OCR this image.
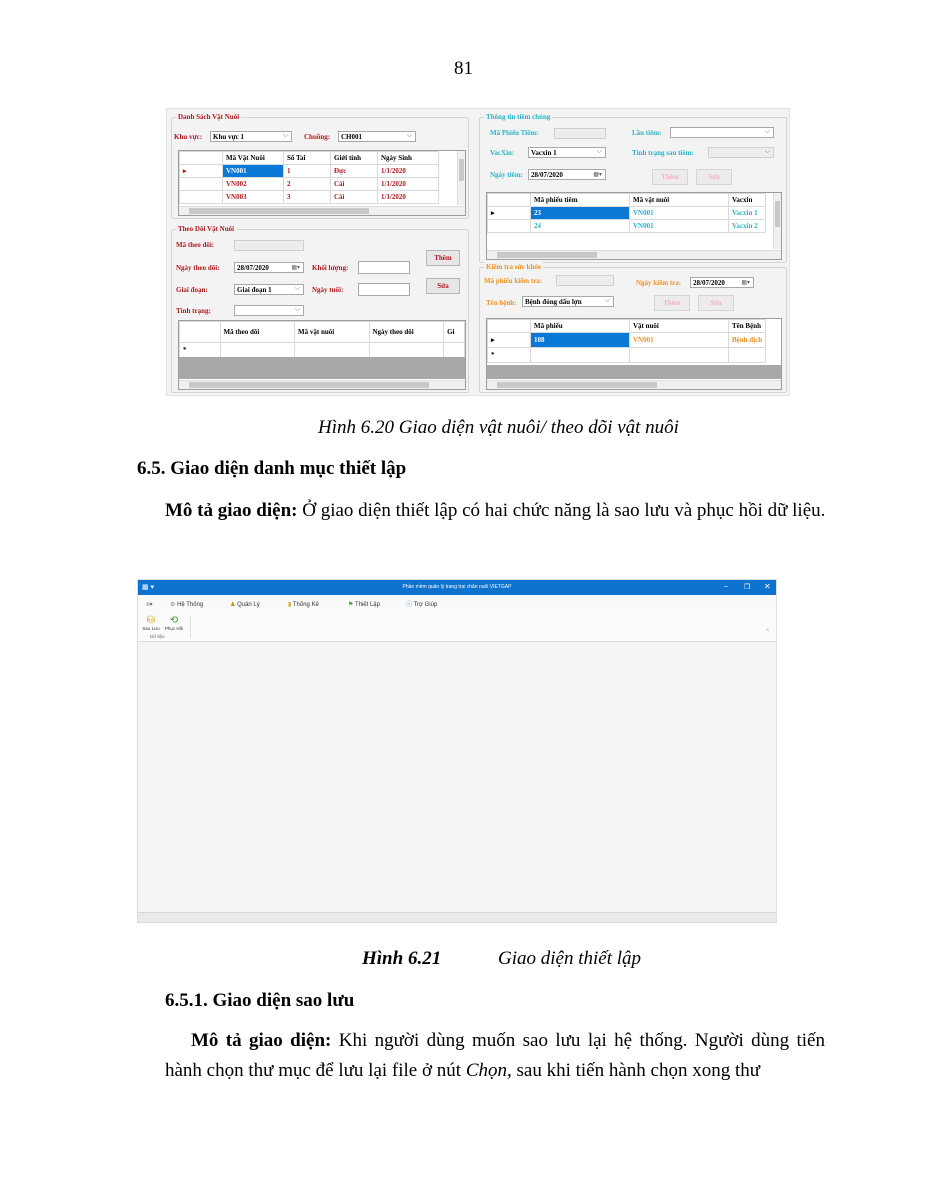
81
Danh Sách Vật Nuôi
Khu vực:	Khu vực 1 ⌵	Chuồng:	CH001 ⌵
	Mã Vật Nuôi	Số Tai	Giới tính	Ngày Sinh
▸	VN001	1	Đực	1/1/2020
	VN002	2	Cái	1/1/2020
	VN003	3	Cái	1/1/2020
Theo Dõi Vật Nuôi
Mã theo dõi:
Ngày theo dõi:	28/07/2020 ▦▾	Khối lượng:
Giai đoạn:	Giai đoạn 1 ⌵	Ngày tuổi:
Tình trạng:
⌵
Thêm
Sửa
	Mã theo dõi	Mã vật nuôi	Ngày theo dõi	Gi
*				
Thông tin tiêm chủng
Mã Phiếu Tiêm:	Lần tiêm:
⌵
VacXin:	Vacxin 1 ⌵	Tình trạng sau tiêm:
⌵
Ngày tiêm:	28/07/2020 ▦▾	Thêm	Sửa
	Mã phiếu tiêm	Mã vật nuôi	Vacxin
▸	23	VN001	Vacxin 1
	24	VN001	Vacxin 2
Kiểm tra sức khỏe
Mã phiếu kiểm tra:	Ngày kiểm tra:	28/07/2020 ▦▾
Tên bệnh:	Bệnh đóng dấu lợn ⌵	Thêm	Sửa
	Mã phiếu	Vật nuôi	Tên Bệnh
▸	108	VN001	Bệnh dịch
*			
Hình 6.20 Giao diện vật nuôi/ theo dõi vật nuôi
6.5. Giao diện danh mục thiết lập
Mô tả giao diện: Ở giao diện thiết lập có hai chức năng là sao lưu và phục hồi dữ liệu.
▦ ▾	Phần mềm quản lý trang trại chăn nuôi VIETGAP	– ❐ ✕
≡▾	⚙ Hệ Thống	♟ Quản Lý	▮ Thống Kê	⚑ Thiết Lập	ⓘ Trợ Giúp
⛁
Sao Lưu
⟲
Phục Hồi
Dữ liệu
^
Hình 6.21	Giao diện thiết lập
6.5.1. Giao diện sao lưu
Mô tả giao diện: Khi người dùng muốn sao lưu lại hệ thống. Người dùng tiến hành chọn thư mục để lưu lại file ở nút Chọn, sau khi tiến hành chọn xong thư
